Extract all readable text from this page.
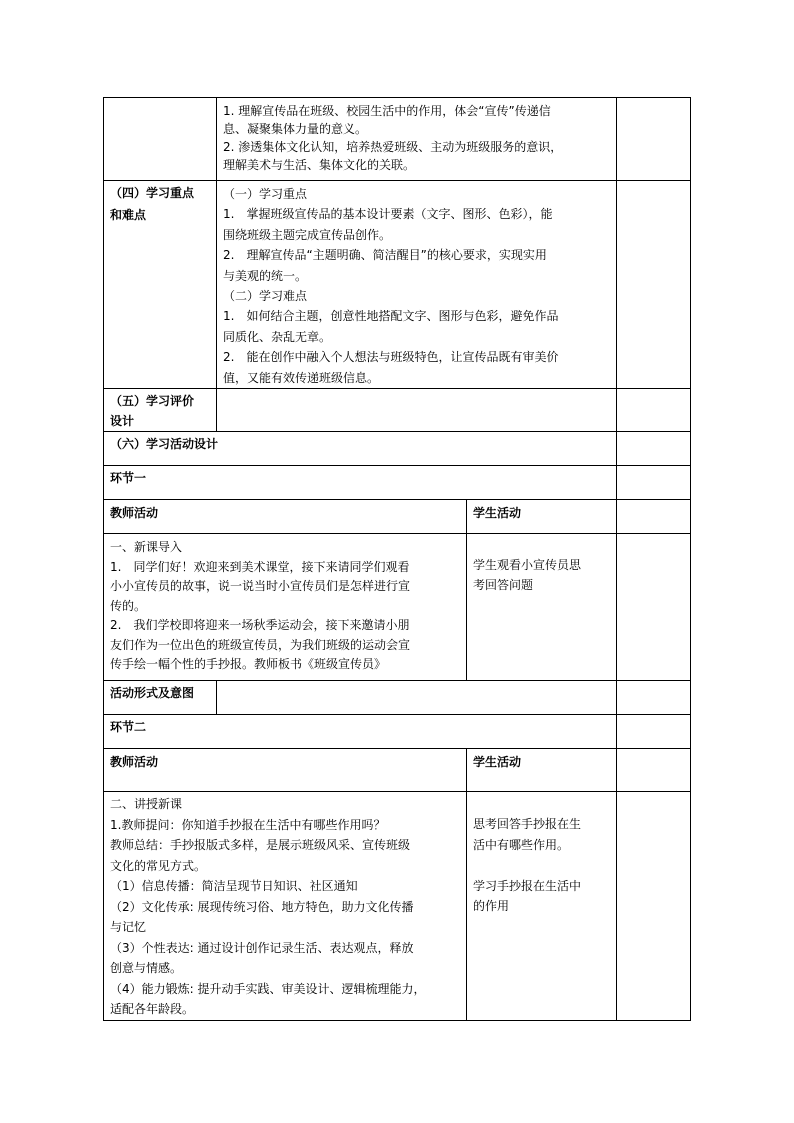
1. 理解宣传品在班级、校园生活中的作用，体会“宣传”传递信
息、凝聚集体力量的意义。
2. 渗透集体文化认知，培养热爱班级、主动为班级服务的意识，
理解美术与生活、集体文化的关联。
（四）学习重点
和难点
（一）学习重点
1.　掌握班级宣传品的基本设计要素（文字、图形、色彩），能
围绕班级主题完成宣传品创作。
2.　理解宣传品“主题明确、简洁醒目”的核心要求，实现实用
与美观的统一。
（二）学习难点
1.　如何结合主题，创意性地搭配文字、图形与色彩，避免作品
同质化、杂乱无章。
2.　能在创作中融入个人想法与班级特色，让宣传品既有审美价
值，又能有效传递班级信息。
（五）学习评价
设计
（六）学习活动设计
环节一
教师活动	学生活动
一、新课导入
1.　同学们好！欢迎来到美术课堂，接下来请同学们观看
小小宣传员的故事，说一说当时小宣传员们是怎样进行宣
传的。
2.　我们学校即将迎来一场秋季运动会，接下来邀请小朋
友们作为一位出色的班级宣传员，为我们班级的运动会宣
传手绘一幅个性的手抄报。教师板书《班级宣传员》
学生观看小宣传员思
考回答问题
活动形式及意图
环节二
教师活动	学生活动
二、讲授新课
1.教师提问：你知道手抄报在生活中有哪些作用吗？
教师总结：手抄报版式多样，是展示班级风采、宣传班级
文化的常见方式。
（1）信息传播：简洁呈现节日知识、社区通知
（2）文化传承: 展现传统习俗、地方特色，助力文化传播
与记忆
（3）个性表达: 通过设计创作记录生活、表达观点，释放
创意与情感。
（4）能力锻炼: 提升动手实践、审美设计、逻辑梳理能力，
适配各年龄段。
思考回答手抄报在生
活中有哪些作用。
学习手抄报在生活中
的作用
